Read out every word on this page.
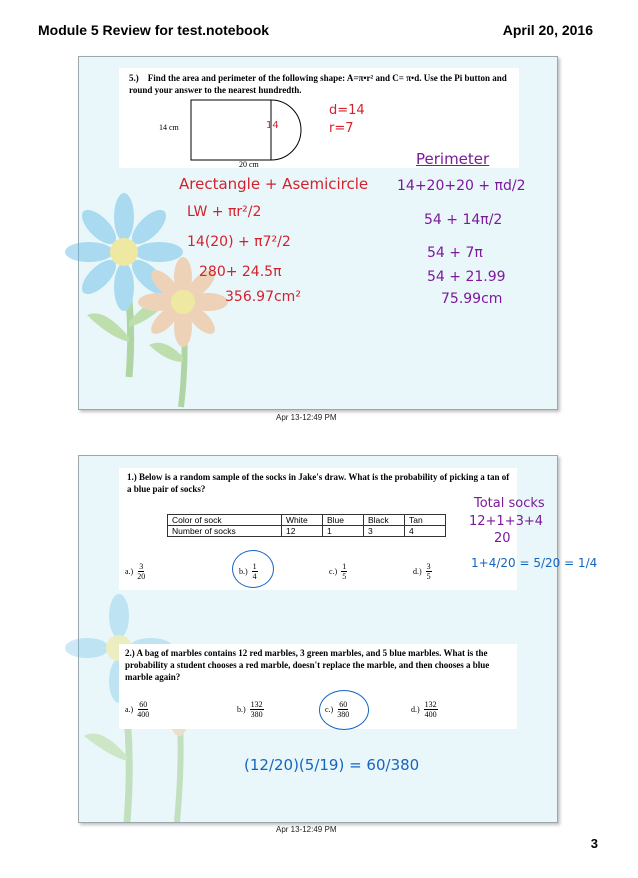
Module 5 Review for test.notebook	April 20, 2016
5.) Find the area and perimeter of the following shape: A=π•r² and C= π•d. Use the Pi button and round your answer to the nearest hundredth.
14 cm
20 cm
14
d=14
r=7
Arectangle + Asemicircle
LW + πr²/2
14(20) + π7²/2
280+ 24.5π
356.97cm²
Perimeter
14+20+20 + πd/2
54 + 14π/2
54 + 7π
54 + 21.99
75.99cm
Apr 13-12:49 PM
1.) Below is a random sample of the socks in Jake's draw. What is the probability of picking a tan of a blue pair of socks?
Color of sock	White	Blue	Black	Tan
Number of socks	12	1	3	4
$a.) \frac{3}{20}$	$b.) \frac{1}{4}$	$c.) \frac{1}{5}$	$d.) \frac{3}{5}$
Total socks
12+1+3+4
20
1+4/20 = 5/20 = 1/4
2.) A bag of marbles contains 12 red marbles, 3 green marbles, and 5 blue marbles. What is the probability a student chooses a red marble, doesn't replace the marble, and then chooses a blue marble again?
$a.) \frac{60}{400}$	$b.) \frac{132}{380}$	$c.) \frac{60}{380}$	$d.) \frac{132}{400}$
(12/20)(5/19) = 60/380
Apr 13-12:49 PM
3
